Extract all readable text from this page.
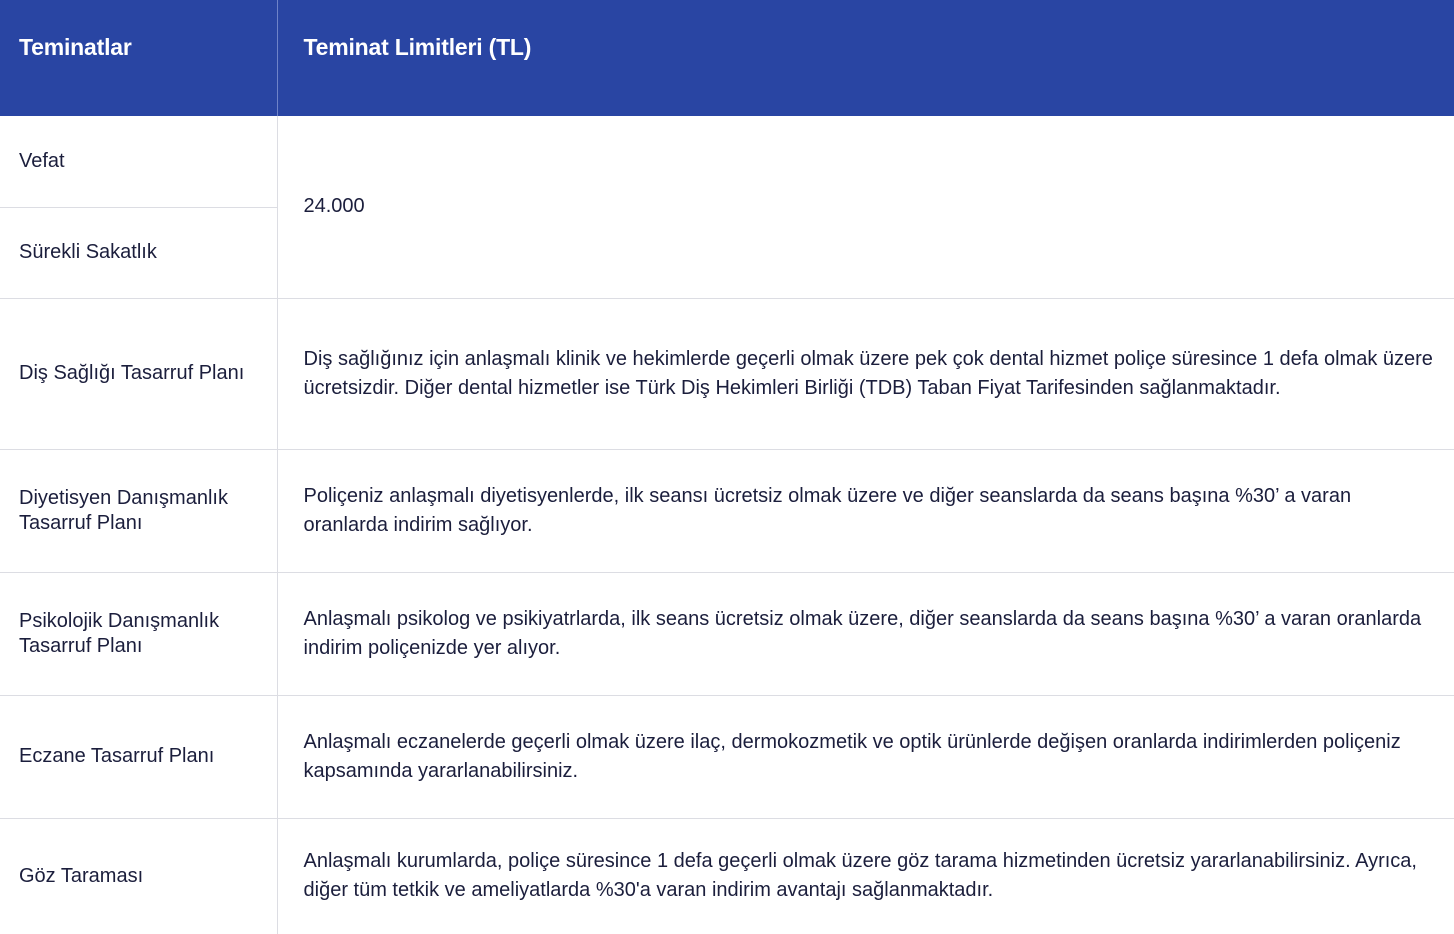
Teminatlar	Teminat Limitleri (TL)
Vefat	24.000
Sürekli Sakatlık	
Diş Sağlığı Tasarruf Planı	Diş sağlığınız için anlaşmalı klinik ve hekimlerde geçerli olmak üzere pek çok dental hizmet poliçe süresince 1 defa olmak üzere ücretsizdir. Diğer dental hizmetler ise Türk Diş Hekimleri Birliği (TDB) Taban Fiyat Tarifesinden sağlanmaktadır.
Diyetisyen Danışmanlık Tasarruf Planı	Poliçeniz anlaşmalı diyetisyenlerde, ilk seansı ücretsiz olmak üzere ve diğer seanslarda da seans başına %30’ a varan oranlarda indirim sağlıyor.
Psikolojik Danışmanlık Tasarruf Planı	Anlaşmalı psikolog ve psikiyatrlarda, ilk seans ücretsiz olmak üzere, diğer seanslarda da seans başına %30’ a varan oranlarda indirim poliçenizde yer alıyor.
Eczane Tasarruf Planı	Anlaşmalı eczanelerde geçerli olmak üzere ilaç, dermokozmetik ve optik ürünlerde değişen oranlarda indirimlerden poliçeniz kapsamında yararlanabilirsiniz.
Göz Taraması	Anlaşmalı kurumlarda, poliçe süresince 1 defa geçerli olmak üzere göz tarama hizmetinden ücretsiz yararlanabilirsiniz. Ayrıca, diğer tüm tetkik ve ameliyatlarda %30'a varan indirim avantajı sağlanmaktadır.
